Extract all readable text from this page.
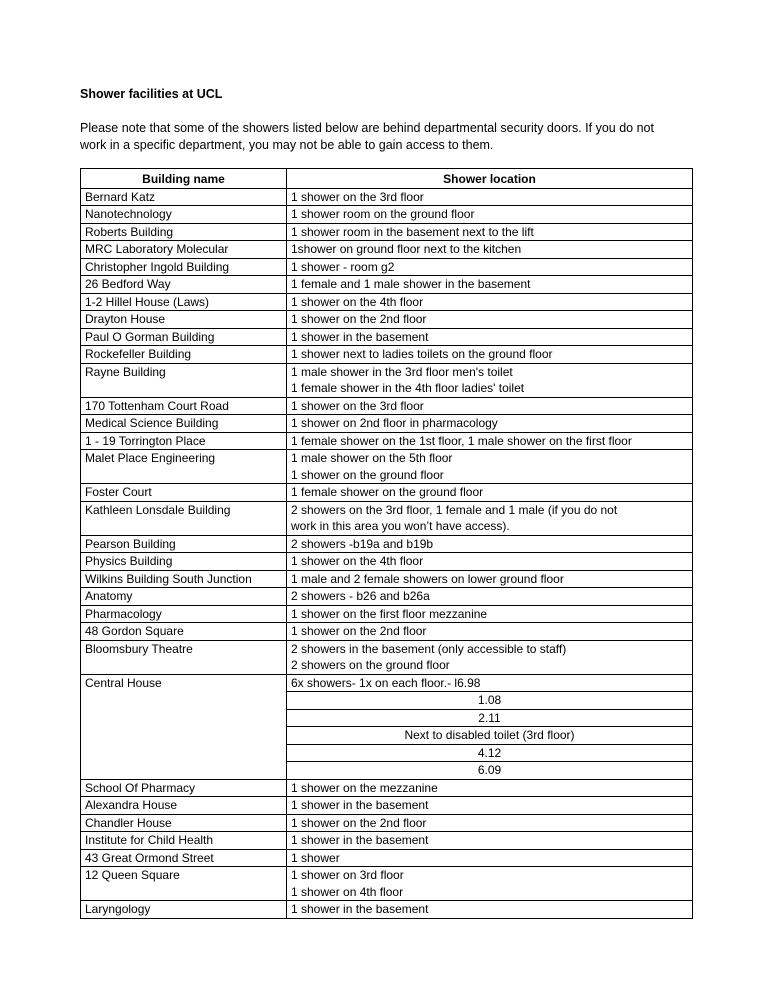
Shower facilities at UCL
Please note that some of the showers listed below are behind departmental security doors. If you do not work in a specific department, you may not be able to gain access to them.
Building name	Shower location
Bernard Katz	1 shower on the 3rd floor
Nanotechnology	1 shower room on the ground floor
Roberts Building	1 shower room in the basement next to the lift
MRC Laboratory Molecular	1shower on ground floor next to the kitchen
Christopher Ingold Building	1 shower - room g2
26 Bedford Way	1 female and 1 male shower in the basement
1-2 Hillel House (Laws)	1 shower on the 4th floor
Drayton House	1 shower on the 2nd floor
Paul O Gorman Building	1 shower in the basement
Rockefeller Building	1 shower next to ladies toilets on the ground floor
Rayne Building	1 male shower in the 3rd floor men's toilet
1 female shower in the 4th floor ladies' toilet

170 Tottenham Court Road	1 shower on the 3rd floor
Medical Science Building	1 shower on 2nd floor in pharmacology
1 - 19 Torrington Place	1 female shower on the 1st floor, 1 male shower on the first floor
Malet Place Engineering	1 male shower on the 5th floor
1 shower on the ground floor

Foster Court	1 female shower on the ground floor
Kathleen Lonsdale Building	2 showers on the 3rd floor, 1 female and 1 male (if you do not
work in this area you won’t have access).

Pearson Building	2 showers -b19a and b19b
Physics Building	1 shower on the 4th floor
Wilkins Building South Junction	1 male and 2 female showers on lower ground floor
Anatomy	2 showers - b26 and b26a
Pharmacology	1 shower on the first floor mezzanine
48 Gordon Square	1 shower on the 2nd floor
Bloomsbury Theatre	2 showers in the basement (only accessible to staff)
2 showers on the ground floor

Central House	6x showers- 1x on each floor.- l6.98
	1.08
	2.11
	Next to disabled toilet (3rd floor)
	4.12
	6.09
School Of Pharmacy	1 shower on the mezzanine
Alexandra House	1 shower in the basement
Chandler House	1 shower on the 2nd floor
Institute for Child Health	1 shower in the basement
43 Great Ormond Street	1 shower
12 Queen Square	1 shower on 3rd floor
1 shower on 4th floor

Laryngology	1 shower in the basement
